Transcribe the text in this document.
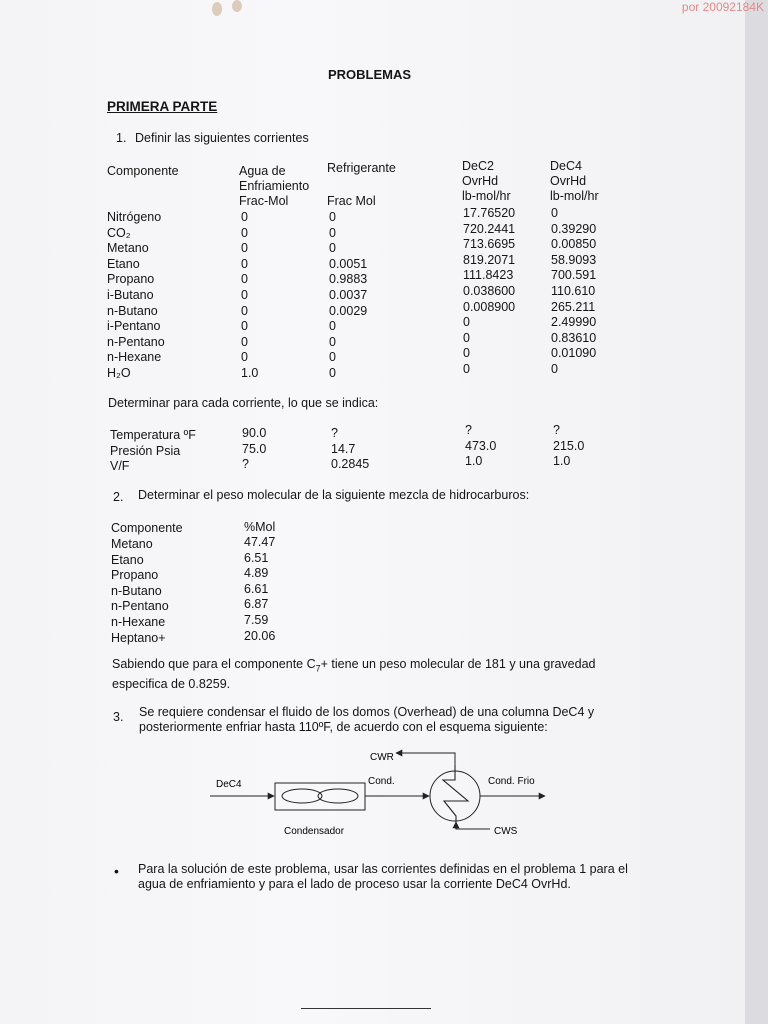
por 20092184K
PROBLEMAS
PRIMERA PARTE
1. Definir las siguientes corrientes
Componente	Agua de
Enfriamiento
Frac-Mol
Refrigerante
Frac Mol
DeC2
OvrHd
lb-mol/hr
DeC4
OvrHd
lb-mol/hr
Nitrógeno
CO₂
Metano
Etano
Propano
i-Butano
n-Butano
i-Pentano
n-Pentano
n-Hexane
H₂O
0
0
0
0
0
0
0
0
0
0
1.0
0
0
0
0.0051
0.9883
0.0037
0.0029
0
0
0
0
17.76520
720.2441
713.6695
819.2071
111.8423
0.038600
0.008900
0
0
0
0
0
0.39290
0.00850
58.9093
700.591
110.610
265.211
2.49990
0.83610
0.01090
0
Determinar para cada corriente, lo que se indica:
Temperatura ºF
Presión Psia
V/F
90.0
75.0
?
?
14.7
0.2845
?
473.0
1.0
?
215.0
1.0
2. Determinar el peso molecular de la siguiente mezcla de hidrocarburos:
Componente	%Mol
Metano
Etano
Propano
n-Butano
n-Pentano
n-Hexane
Heptano+
47.47
6.51
4.89
6.61
6.87
7.59
20.06
Sabiendo que para el componente $C_7+$ tiene un peso molecular de 181 y una gravedad especifica de 0.8259.
3. Se requiere condensar el fluido de los domos (Overhead) de una columna DeC4 y posteriormente enfriar hasta 110ºF, de acuerdo con el esquema siguiente:
DeC4
Condensador
Cond.
CWR
CWS
Cond. Frio
• Para la solución de este problema, usar las corrientes definidas en el problema 1 para el agua de enfriamiento y para el lado de proceso usar la corriente DeC4 OvrHd.
